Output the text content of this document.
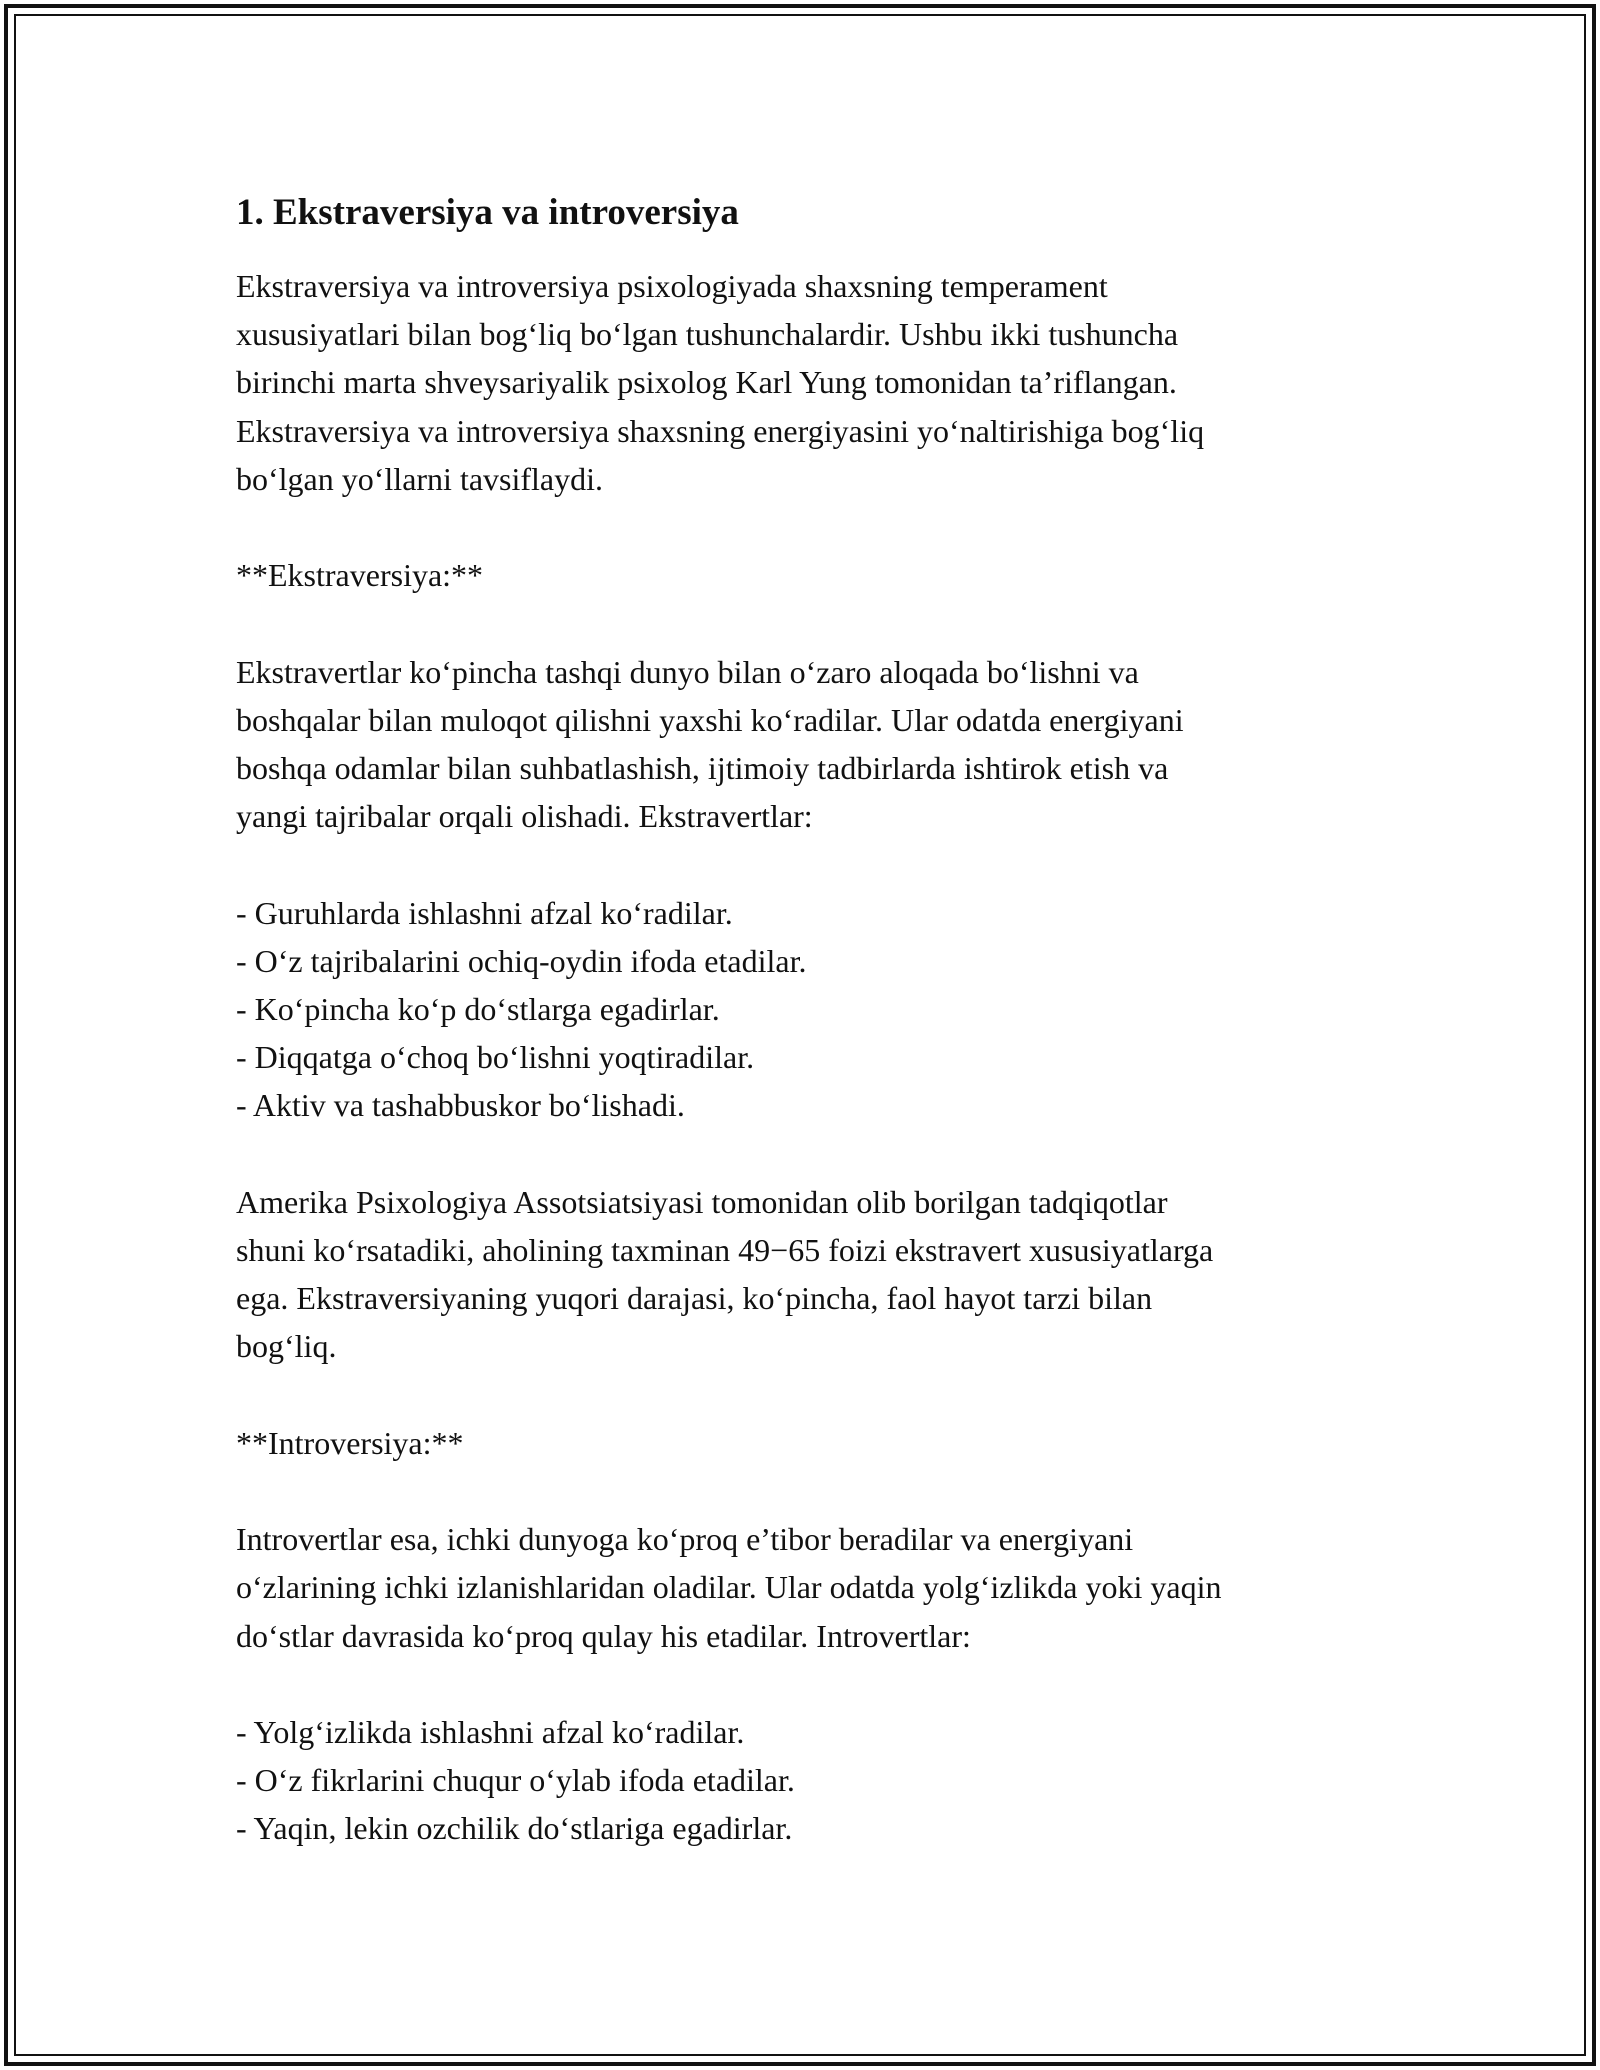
1. Ekstraversiya va introversiya

Ekstraversiya va introversiya psixologiyada shaxsning temperament

xususiyatlari bilan bog‘liq bo‘lgan tushunchalardir. Ushbu ikki tushuncha

birinchi marta shveysariyalik psixolog Karl Yung tomonidan ta’riflangan.

Ekstraversiya va introversiya shaxsning energiyasini yo‘naltirishiga bog‘liq

bo‘lgan yo‘llarni tavsiflaydi.

**Ekstraversiya:**

Ekstravertlar ko‘pincha tashqi dunyo bilan o‘zaro aloqada bo‘lishni va

boshqalar bilan muloqot qilishni yaxshi ko‘radilar. Ular odatda energiyani

boshqa odamlar bilan suhbatlashish, ijtimoiy tadbirlarda ishtirok etish va

yangi tajribalar orqali olishadi. Ekstravertlar:

- Guruhlarda ishlashni afzal ko‘radilar.

- O‘z tajribalarini ochiq-oydin ifoda etadilar.

- Ko‘pincha ko‘p do‘stlarga egadirlar.

- Diqqatga o‘choq bo‘lishni yoqtiradilar.

- Aktiv va tashabbuskor bo‘lishadi.

Amerika Psixologiya Assotsiatsiyasi tomonidan olib borilgan tadqiqotlar

shuni ko‘rsatadiki, aholining taxminan 49−65 foizi ekstravert xususiyatlarga

ega. Ekstraversiyaning yuqori darajasi, ko‘pincha, faol hayot tarzi bilan

bog‘liq.

**Introversiya:**

Introvertlar esa, ichki dunyoga ko‘proq e’tibor beradilar va energiyani

o‘zlarining ichki izlanishlaridan oladilar. Ular odatda yolg‘izlikda yoki yaqin

do‘stlar davrasida ko‘proq qulay his etadilar. Introvertlar:

- Yolg‘izlikda ishlashni afzal ko‘radilar.

- O‘z fikrlarini chuqur o‘ylab ifoda etadilar.

- Yaqin, lekin ozchilik do‘stlariga egadirlar.
